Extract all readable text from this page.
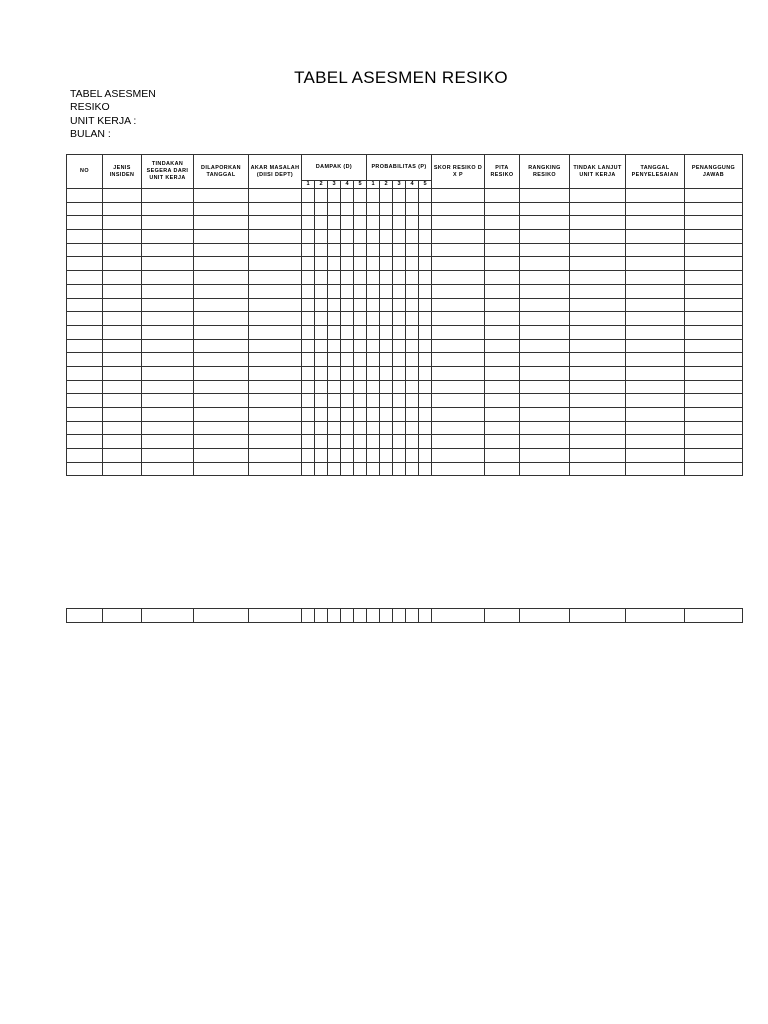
TABEL ASESMEN RESIKO
TABEL ASESMEN RESIKO
UNIT KERJA :
BULAN :
NO	JENIS INSIDEN	TINDAKAN SEGERA DARI UNIT KERJA	DILAPORKAN TANGGAL	AKAR MASALAH (DIISI DEPT)	DAMPAK (D)					PROBABILITAS (P)					SKOR RESIKO D X P	PITA RESIKO	RANGKING RESIKO	TINDAK LANJUT UNIT KERJA	TANGGAL PENYELESAIAN	PENANGGUNG JAWAB
					1	2	3	4	5	1	2	3	4	5						
